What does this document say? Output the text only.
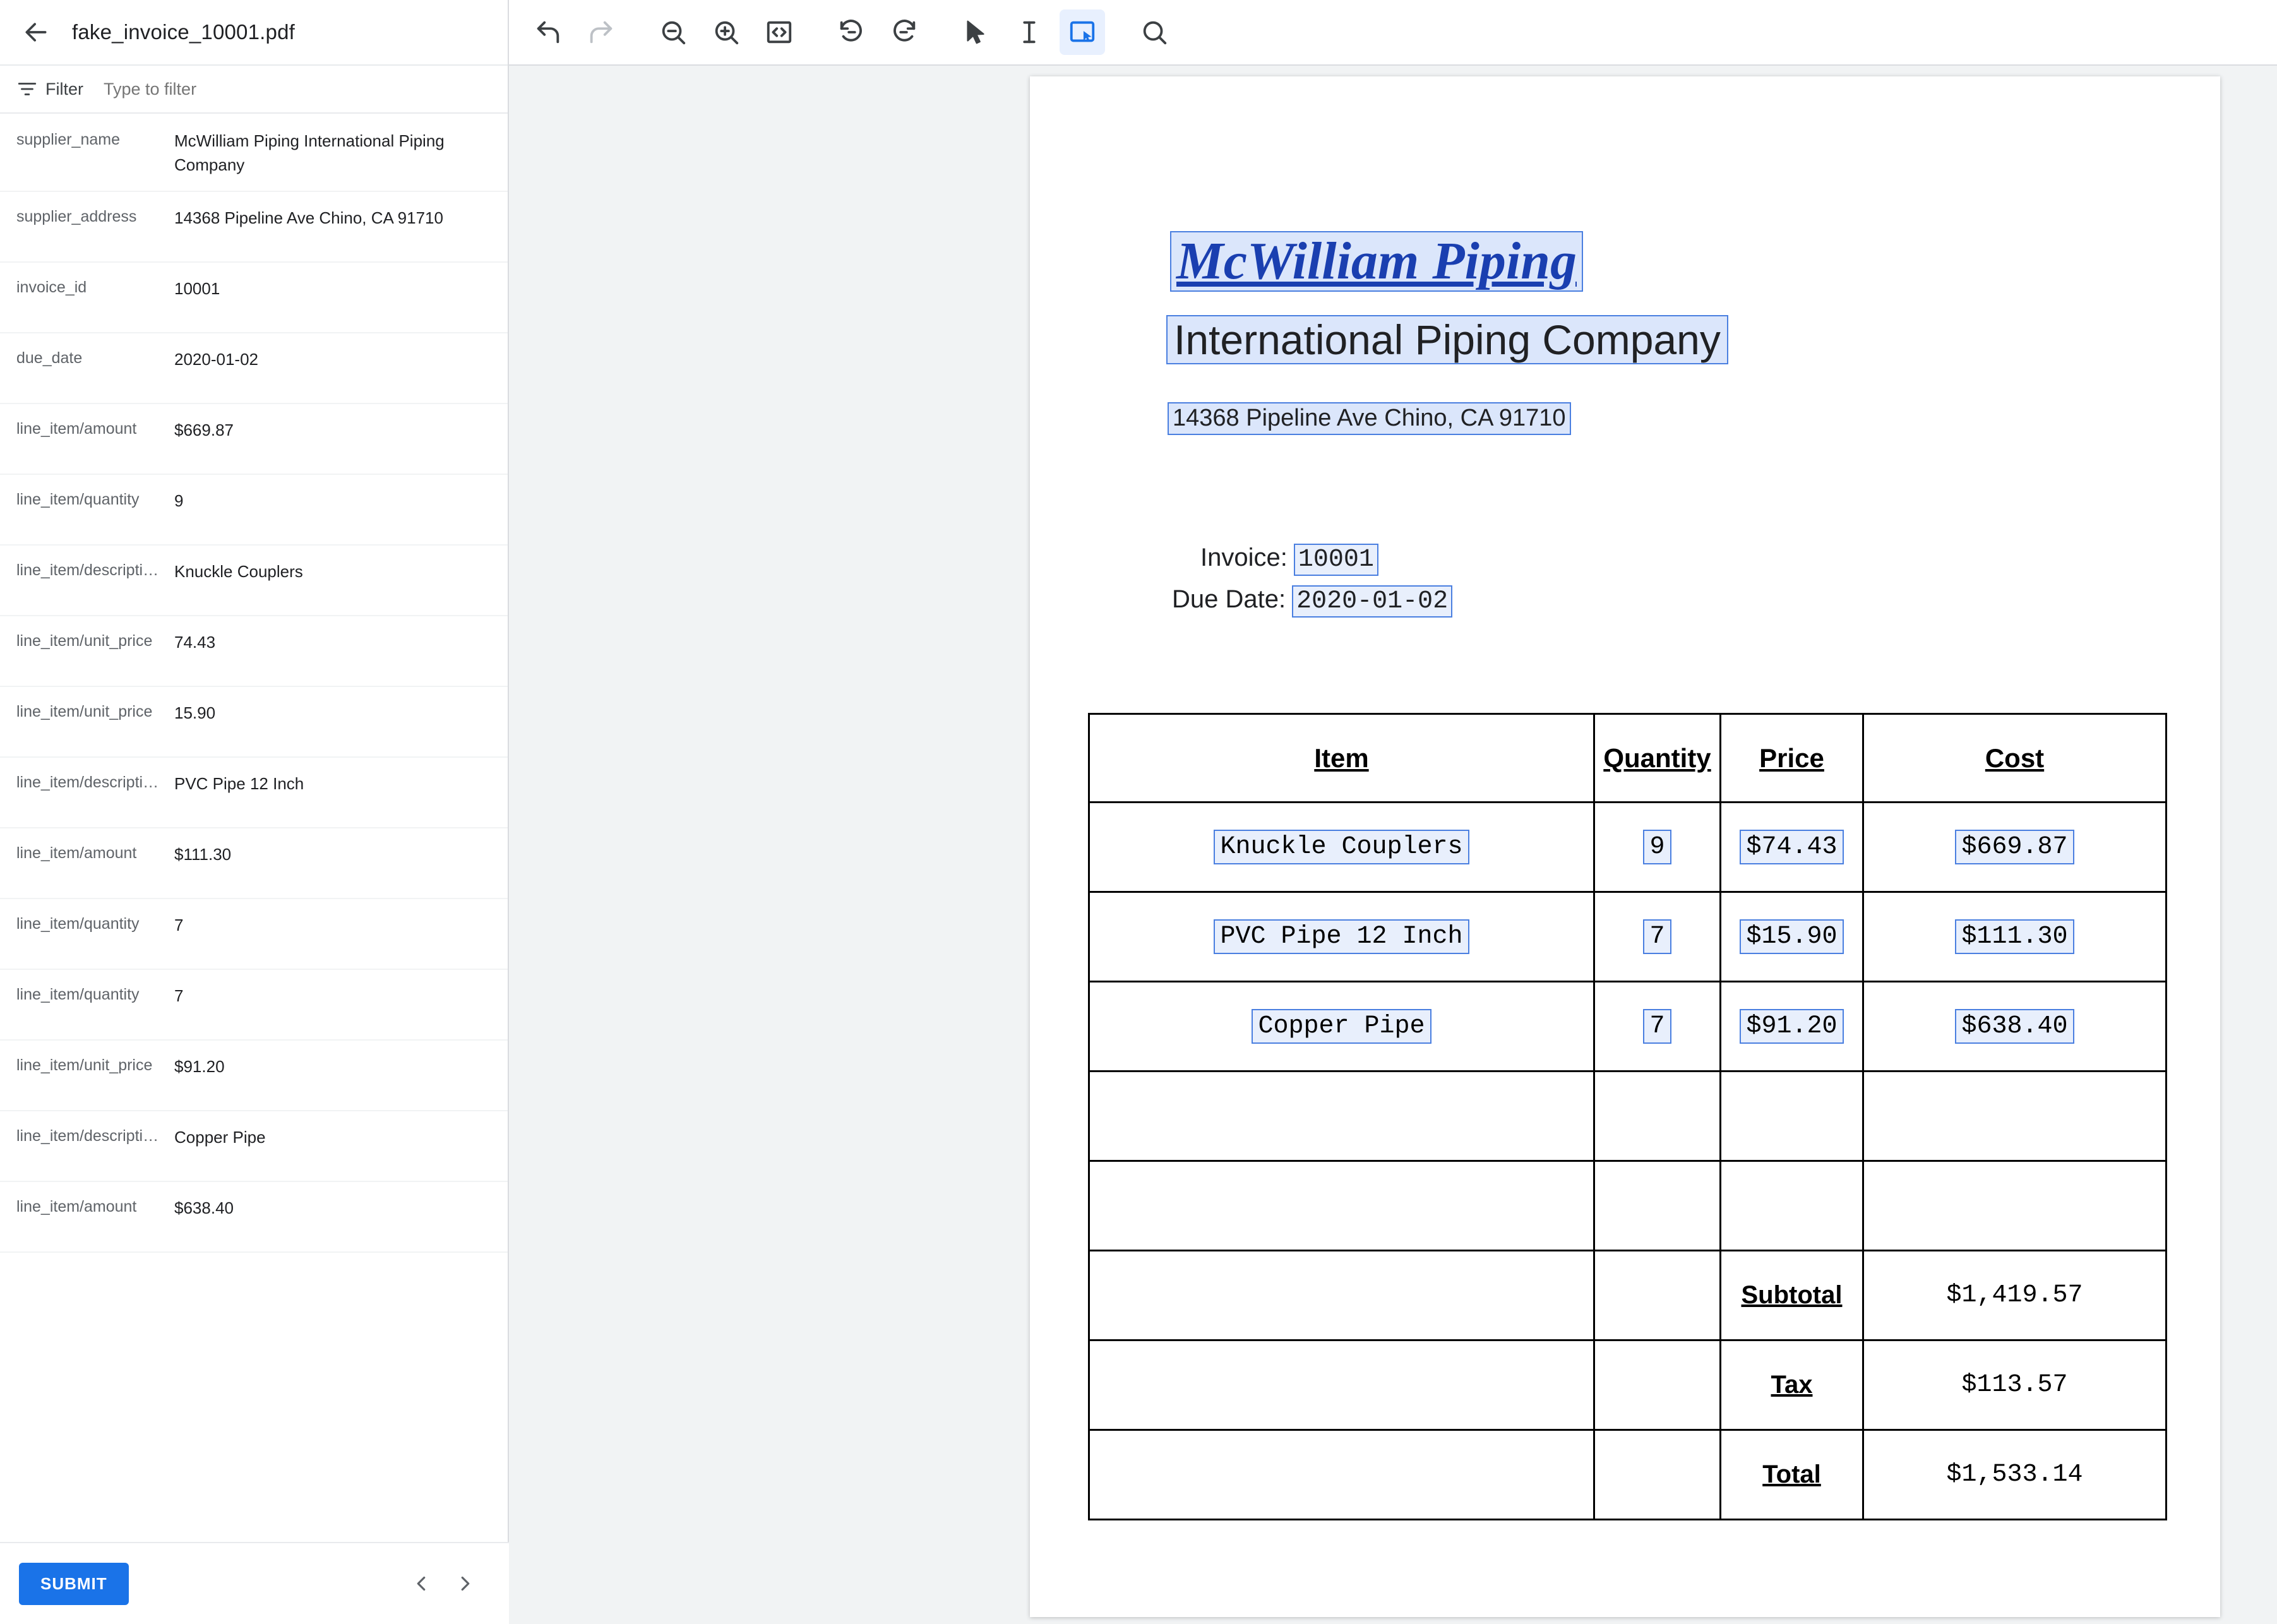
fake_invoice_10001.pdf
Filter
Type to filter
supplier_name	McWilliam Piping International Piping Company
supplier_address	14368 Pipeline Ave Chino, CA 91710
invoice_id	10001
due_date	2020-01-02
line_item/amount	$669.87
line_item/quantity	9
line_item/descripti… Knuckle Couplers
line_item/unit_price	74.43
line_item/unit_price	15.90
line_item/descripti… PVC Pipe 12 Inch
line_item/amount	$111.30
line_item/quantity	7
line_item/quantity	7
line_item/unit_price	$91.20
line_item/descripti… Copper Pipe
line_item/amount	$638.40
SUBMIT
McWilliam Piping
International Piping Company
14368 Pipeline Ave Chino, CA 91710
Invoice: 10001
Due Date: 2020-01-02
Item	Quantity	Price	Cost
Knuckle Couplers	9	$74.43	$669.87
PVC Pipe 12 Inch	7	$15.90	$111.30
Copper Pipe	7	$91.20	$638.40

		Subtotal	$1,419.57
		Tax	$113.57
		Total	$1,533.14
